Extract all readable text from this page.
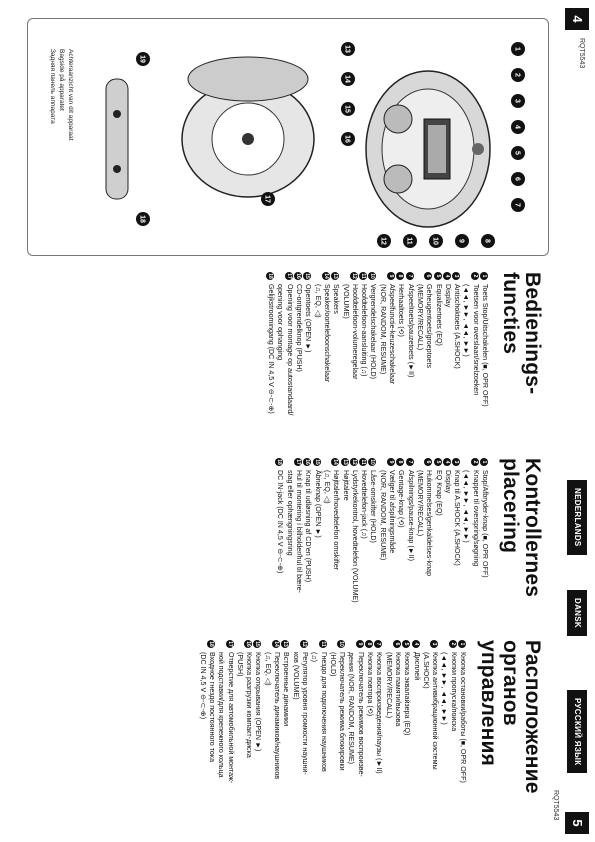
4
RQT5543
1
2
3
4
5
6
7
8
9
10
11
12
13
14
15
16
17
18
19
Achteraanzicht van dit apparaat
Bagside på apparatet
Задняя панель аппарата
Bedienings-
functies
1
Toets Stop/Uitschakelen (■, OPR OFF)
2
Toetsen voor overslaan/snelzoeken
(◄◄, ►►, ◄◄, ►►)
3
Antischoktoets (A.SHOCK)
4
Display
5
Equalizertoets (EQ)
6
Geheugentoets/groeptoets
(MEMORY/RECALL)
7
Afspeeltoets/pauzetoets (►II)
8
Herhaaltoets (⟲)
9
Afspeelfunctie-keuzeschakelaar
(NOR, RANDOM, RESUME)
10
Vergrendelschakelaar (HOLD)
11
Hoofdtelefoon-aansluiting (♫)
12
Hoofdtelefoon-volumeregelaar
(VOLUME)
13
Speakers
14
Speaker/oortelefoonschakelaar
(♫, EQ, ◁)
15
Opentoets (OPEN ►)
16
CD-ontgrendelknop (PUSH)
17
Opening voor montage op autostandaard/
opening voor ophanging
18
Gelijkstroomingang (DC IN 4,5 V ⊖-⊂-⊕)
Kontrollernes
placering
1
Stop/Afbryder-knap (■, OPR OFF)
2
Knapper til overspring/søgning
(◄◄, ►►, ◄◄, ►►)
3
Knap til A.SHOCK (A.SHOCK)
4
Display
5
EQ Knap (EQ)
6
Hukommelses/genkaldelses-knap
(MEMORY/RECALL)
7
Afspilnings/pause-knap (►II)
8
Gentage-knap (⟲)
9
Vælger til afspilningsmåde
(NOR, RANDOM, RESUME)
10
Låse-omskifter (HOLD)
11
Hovedtelefon-jack (♫)
12
Lydstyrkekontrol, hovedtelefon (VOLUME)
13
Højttalere
14
Højttaler/hovedtelefon omskifter
(♫, EQ, ◁)
15
Åbneknap (OPEN ►)
16
Knap til udløsning af CD'en (PUSH)
17
Hul til montering i bilholder/hul til bære-
stag eller ophængningsring
18
DC IN-jack (DC IN 4,5 V ⊖-⊂-⊕)
Расположение
органов
управления
1
Кнопка остановки/работы (■, OPR OFF)
2
Кнопки пропуска/поиска
(◄◄, ►►, ◄◄, ►►)
3
Кнопка антивибрационной системы
(A.SHOCK)
4
Дисплей
5
Кнопка эквалайзера (EQ)
6
Кнопка памяти/вызова
(MEMORY/RECALL)
7
Кнопка воспроизведения/паузы (►II)
8
Кнопка повтора (⟲)
9
Переключатель режимов воспроизве-
дения (NOR, RANDOM, RESUME)
10
Переключатель режима блокировки
(HOLD)
11
Гнездо для подключения наушников
(♫)
12
Регулятор уровня громкости наушни-
ков (VOLUME)
13
Встроенные динамики
14
Переключатель динамиков/наушников
(♫, EQ, ◁)
15
Кнопка открывания (OPEN ►)
16
Кнопка разгрузки компакт-диска
(PUSH)
17
Отверстие для автомобильной монтаж-
ной подставки/для крепежного кольца
18
Входное гнездо постоянного тока
(DC IN 4,5 V ⊖-⊂-⊕)
NEDERLANDS
DANSK
РУССКИЙ ЯЗЫК
RQT5543
5
